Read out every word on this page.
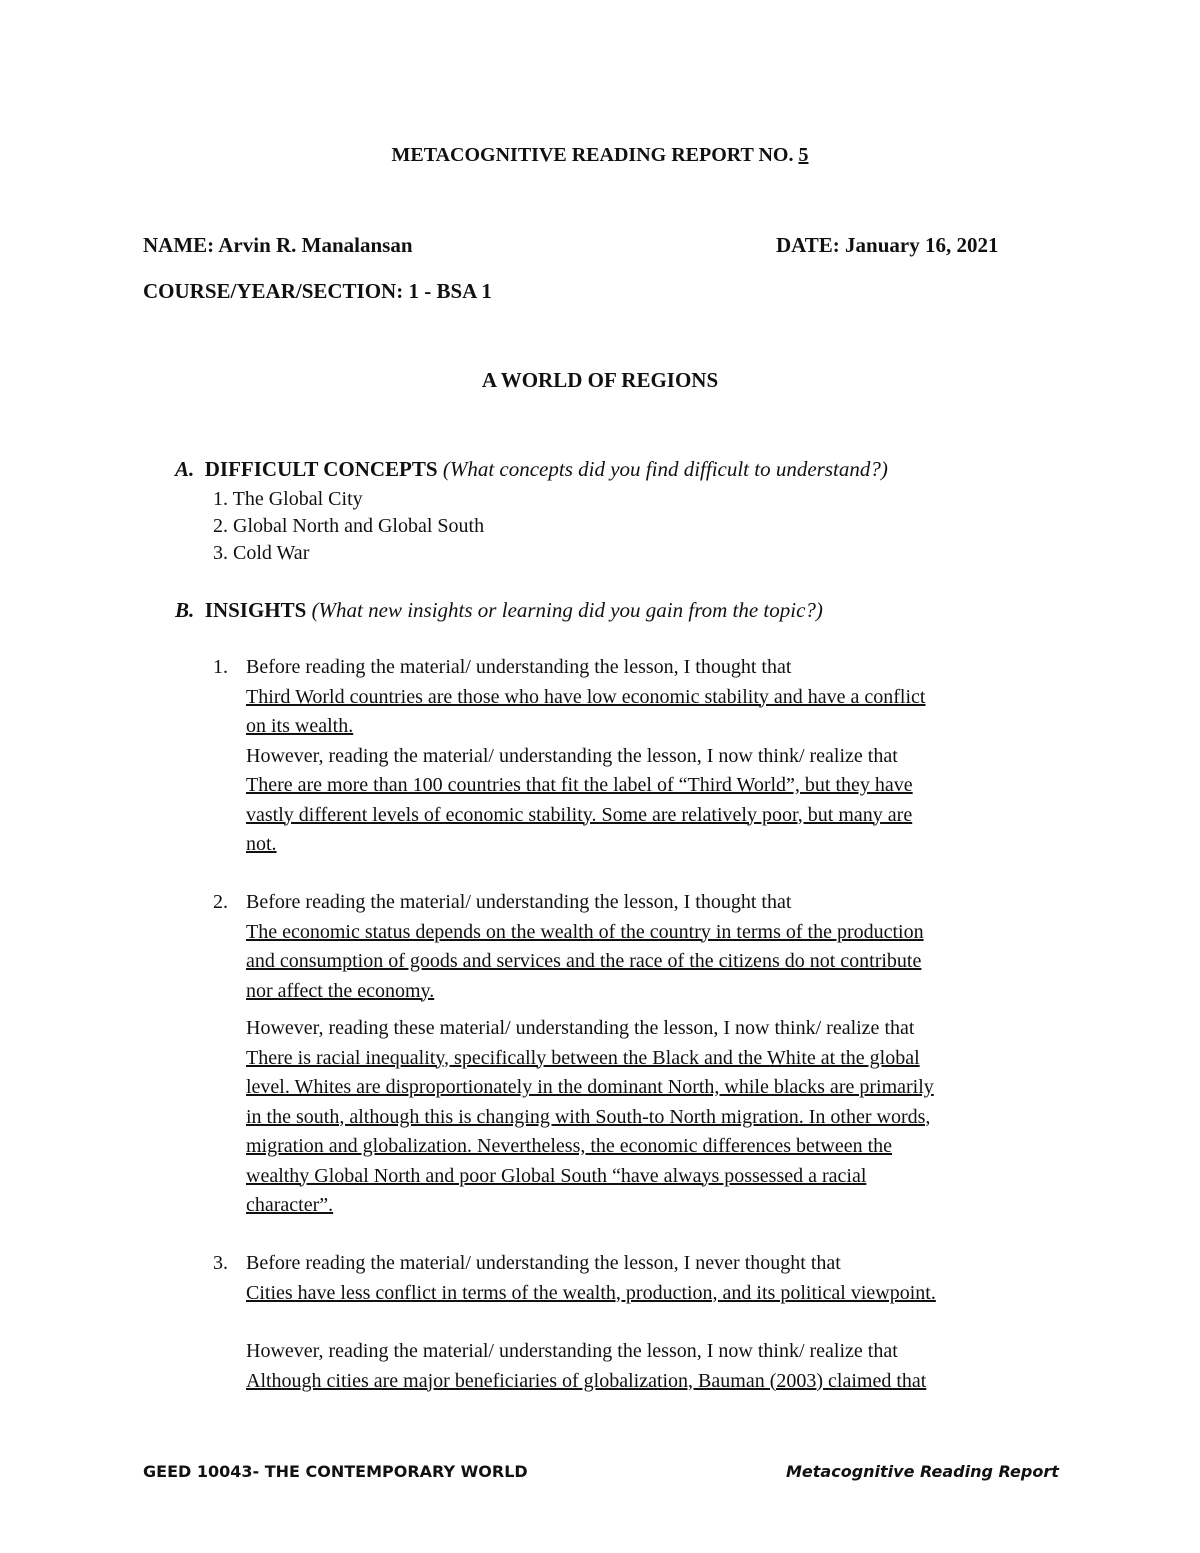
METACOGNITIVE READING REPORT NO. 5
NAME: Arvin R. Manalansan	DATE: January 16, 2021
COURSE/YEAR/SECTION: 1 - BSA 1
A WORLD OF REGIONS
A. DIFFICULT CONCEPTS (What concepts did you find difficult to understand?)
1. The Global City
2. Global North and Global South
3. Cold War
B. INSIGHTS (What new insights or learning did you gain from the topic?)
1. Before reading the material/ understanding the lesson, I thought that
Third World countries are those who have low economic stability and have a conflict
on its wealth.
However, reading the material/ understanding the lesson, I now think/ realize that
There are more than 100 countries that fit the label of “Third World”, but they have
vastly different levels of economic stability. Some are relatively poor, but many are
not.
2. Before reading the material/ understanding the lesson, I thought that
The economic status depends on the wealth of the country in terms of the production
and consumption of goods and services and the race of the citizens do not contribute
nor affect the economy.
However, reading these material/ understanding the lesson, I now think/ realize that
There is racial inequality, specifically between the Black and the White at the global
level. Whites are disproportionately in the dominant North, while blacks are primarily
in the south, although this is changing with South-to North migration. In other words,
migration and globalization. Nevertheless, the economic differences between the
wealthy Global North and poor Global South “have always possessed a racial
character”.
3. Before reading the material/ understanding the lesson, I never thought that
Cities have less conflict in terms of the wealth, production, and its political viewpoint.
However, reading the material/ understanding the lesson, I now think/ realize that
Although cities are major beneficiaries of globalization, Bauman (2003) claimed that
GEED 10043- THE CONTEMPORARY WORLD	Metacognitive Reading Report
